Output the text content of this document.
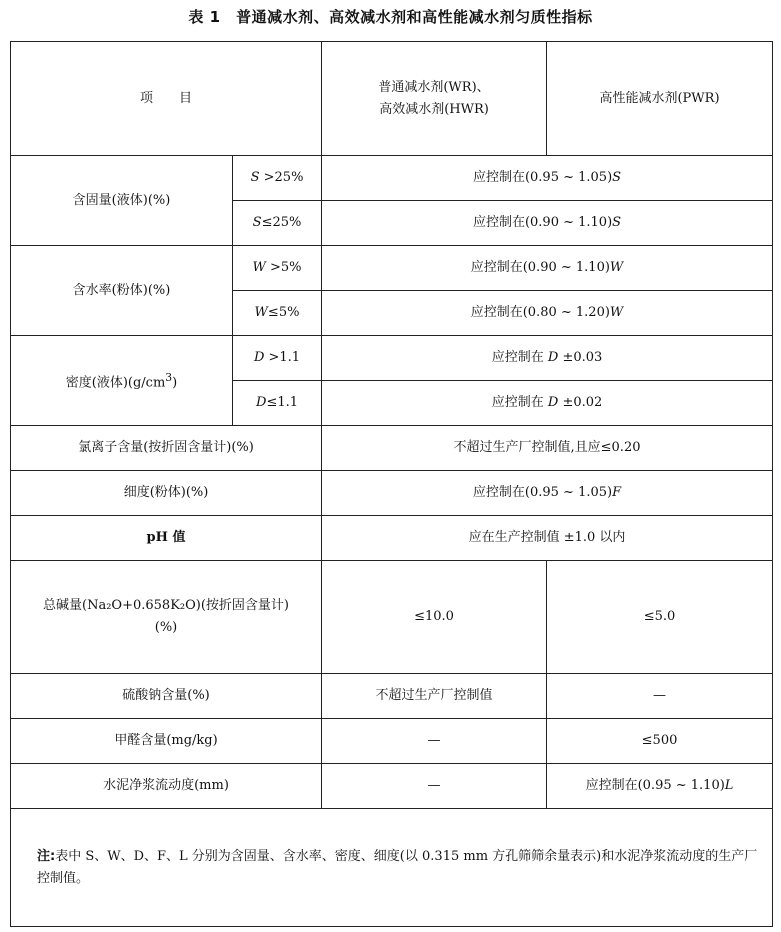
表 1　普通减水剂、高效减水剂和高性能减水剂匀质性指标
项　　目		普通减水剂(WR)、
高效减水剂(HWR)	高性能减水剂(PWR)
含固量(液体)(%)	S >25%	应控制在(0.95 ~ 1.05)S	
	S≤25%	应控制在(0.90 ~ 1.10)S	
含水率(粉体)(%)	W >5%	应控制在(0.90 ~ 1.10)W	
	W≤5%	应控制在(0.80 ~ 1.20)W	
密度(液体)$(g/cm^3)$	D >1.1	应控制在 D ±0.03	
	D≤1.1	应控制在 D ±0.02	
氯离子含量(按折固含量计)(%)		不超过生产厂控制值,且应≤0.20	
细度(粉体)(%)		应控制在(0.95 ~ 1.05)F	
pH 值		应在生产控制值 ±1.0 以内	
总碱量(Na₂O+0.658K₂O)(按折固含量计)
(%)		≤10.0	≤5.0
硫酸钠含量(%)		不超过生产厂控制值	—
甲醛含量(mg/kg)		—	≤500
水泥净浆流动度(mm)		—	应控制在(0.95 ~ 1.10)L
注:表中 S、W、D、F、L 分别为含固量、含水率、密度、细度(以 0.315 mm 方孔筛筛余量表示)和水泥净浆流动度的生产厂控制值。			
